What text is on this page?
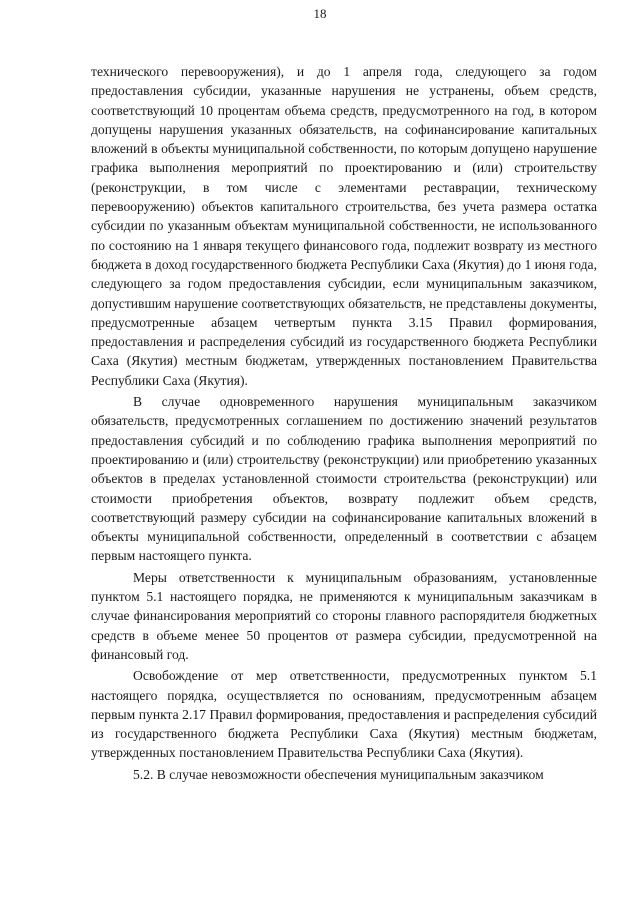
18

технического перевооружения), и до 1 апреля года, следующего за годом предоставления субсидии, указанные нарушения не устранены, объем средств, соответствующий 10 процентам объема средств, предусмотренного на год, в котором допущены нарушения указанных обязательств, на софинансирование капитальных вложений в объекты муниципальной собственности, по которым допущено нарушение графика выполнения мероприятий по проектированию и (или) строительству (реконструкции, в том числе с элементами реставрации, техническому перевооружению) объектов капитального строительства, без учета размера остатка субсидии по указанным объектам муниципальной собственности, не использованного по состоянию на 1 января текущего финансового года, подлежит возврату из местного бюджета в доход государственного бюджета Республики Саха (Якутия) до 1 июня года, следующего за годом предоставления субсидии, если муниципальным заказчиком, допустившим нарушение соответствующих обязательств, не представлены документы, предусмотренные абзацем четвертым пункта 3.15 Правил формирования, предоставления и распределения субсидий из государственного бюджета Республики Саха (Якутия) местным бюджетам, утвержденных постановлением Правительства Республики Саха (Якутия).

В случае одновременного нарушения муниципальным заказчиком обязательств, предусмотренных соглашением по достижению значений результатов предоставления субсидий и по соблюдению графика выполнения мероприятий по проектированию и (или) строительству (реконструкции) или приобретению указанных объектов в пределах установленной стоимости строительства (реконструкции) или стоимости приобретения объектов, возврату подлежит объем средств, соответствующий размеру субсидии на софинансирование капитальных вложений в объекты муниципальной собственности, определенный в соответствии с абзацем первым настоящего пункта.

Меры ответственности к муниципальным образованиям, установленные пунктом 5.1 настоящего порядка, не применяются к муниципальным заказчикам в случае финансирования мероприятий со стороны главного распорядителя бюджетных средств в объеме менее 50 процентов от размера субсидии, предусмотренной на финансовый год.

Освобождение от мер ответственности, предусмотренных пунктом 5.1 настоящего порядка, осуществляется по основаниям, предусмотренным абзацем первым пункта 2.17 Правил формирования, предоставления и распределения субсидий из государственного бюджета Республики Саха (Якутия) местным бюджетам, утвержденных постановлением Правительства Республики Саха (Якутия).

5.2. В случае невозможности обеспечения муниципальным заказчиком
